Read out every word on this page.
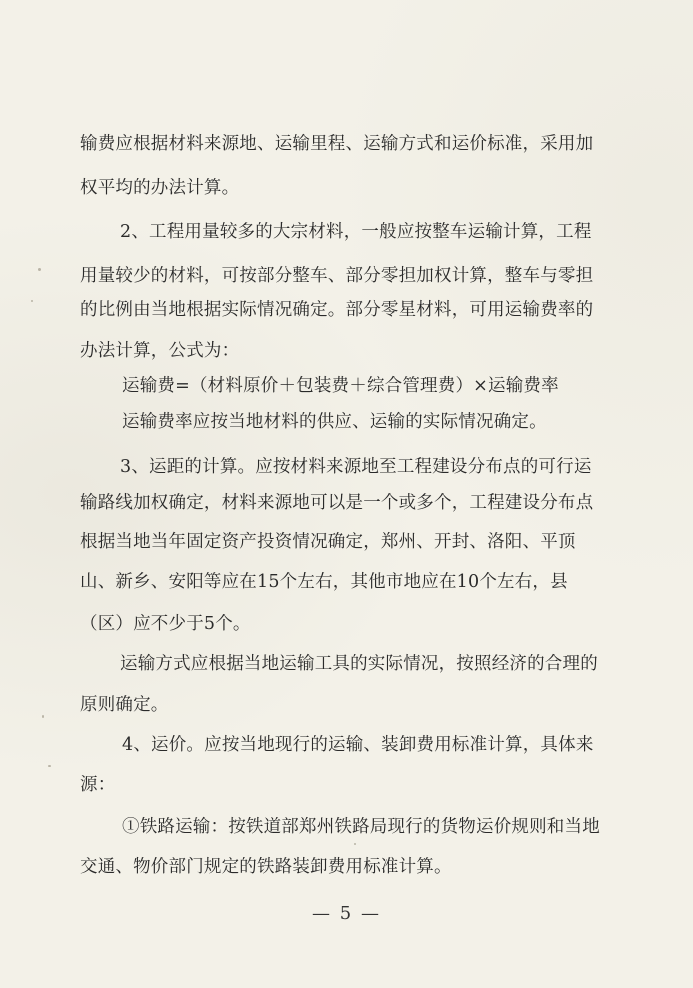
输费应根据材料来源地、运输里程、运输方式和运价标准，采用加
权平均的办法计算。
2、工程用量较多的大宗材料，一般应按整车运输计算，工程
用量较少的材料，可按部分整车、部分零担加权计算，整车与零担
的比例由当地根据实际情况确定。部分零星材料，可用运输费率的
办法计算，公式为：
运输费=（材料原价＋包装费＋综合管理费）×运输费率
运输费率应按当地材料的供应、运输的实际情况确定。
3、运距的计算。应按材料来源地至工程建设分布点的可行运
输路线加权确定，材料来源地可以是一个或多个，工程建设分布点
根据当地当年固定资产投资情况确定，郑州、开封、洛阳、平顶
山、新乡、安阳等应在15个左右，其他市地应在10个左右，县
（区）应不少于5个。
运输方式应根据当地运输工具的实际情况，按照经济的合理的
原则确定。
4、运价。应按当地现行的运输、装卸费用标准计算，具体来
源：
①铁路运输：按铁道部郑州铁路局现行的货物运价规则和当地
交通、物价部门规定的铁路装卸费用标准计算。
— 5 —
